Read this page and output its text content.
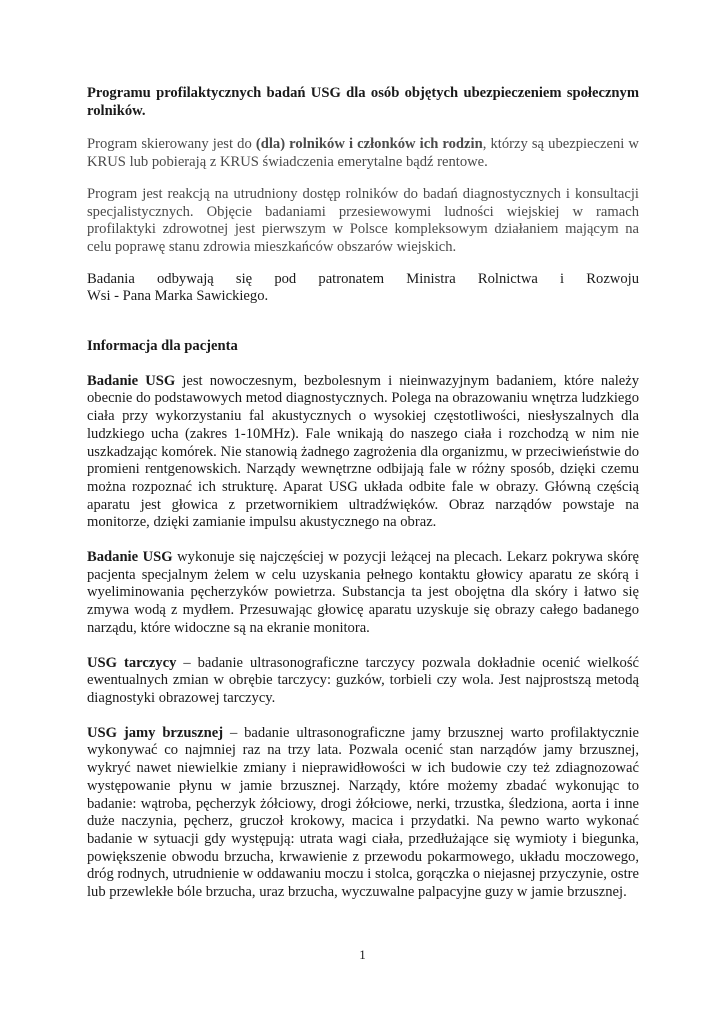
Programu profilaktycznych badań USG dla osób objętych ubezpieczeniem społecznym rolników.

Program skierowany jest do (dla) rolników i członków ich rodzin, którzy są ubezpieczeni w KRUS lub pobierają z KRUS świadczenia emerytalne bądź rentowe.

Program jest reakcją na utrudniony dostęp rolników do badań diagnostycznych i konsultacji specjalistycznych. Objęcie badaniami przesiewowymi ludności wiejskiej w ramach profilaktyki zdrowotnej jest pierwszym w Polsce kompleksowym działaniem mającym na celu poprawę stanu zdrowia mieszkańców obszarów wiejskich.

Badania odbywają się pod patronatem Ministra Rolnictwa i Rozwoju
Wsi - Pana Marka Sawickiego.

Informacja dla pacjenta

Badanie USG jest nowoczesnym, bezbolesnym i nieinwazyjnym badaniem, które należy obecnie do podstawowych metod diagnostycznych. Polega na obrazowaniu wnętrza ludzkiego ciała przy wykorzystaniu fal akustycznych o wysokiej częstotliwości, niesłyszalnych dla ludzkiego ucha (zakres 1-10MHz). Fale wnikają do naszego ciała i rozchodzą w nim nie uszkadzając komórek. Nie stanowią żadnego zagrożenia dla organizmu, w przeciwieństwie do promieni rentgenowskich. Narządy wewnętrzne odbijają fale w różny sposób, dzięki czemu można rozpoznać ich strukturę. Aparat USG układa odbite fale w obrazy. Główną częścią aparatu jest głowica z przetwornikiem ultradźwięków. Obraz narządów powstaje na monitorze, dzięki zamianie impulsu akustycznego na obraz.

Badanie USG wykonuje się najczęściej w pozycji leżącej na plecach. Lekarz pokrywa skórę pacjenta specjalnym żelem w celu uzyskania pełnego kontaktu głowicy aparatu ze skórą i wyeliminowania pęcherzyków powietrza. Substancja ta jest obojętna dla skóry i łatwo się zmywa wodą z mydłem. Przesuwając głowicę aparatu uzyskuje się obrazy całego badanego narządu, które widoczne są na ekranie monitora.

USG tarczycy – badanie ultrasonograficzne tarczycy pozwala dokładnie ocenić wielkość ewentualnych zmian w obrębie tarczycy: guzków, torbieli czy wola. Jest najprostszą metodą diagnostyki obrazowej tarczycy.

USG jamy brzusznej – badanie ultrasonograficzne jamy brzusznej warto profilaktycznie wykonywać co najmniej raz na trzy lata. Pozwala ocenić stan narządów jamy brzusznej, wykryć nawet niewielkie zmiany i nieprawidłowości w ich budowie czy też zdiagnozować występowanie płynu w jamie brzusznej. Narządy, które możemy zbadać wykonując to badanie: wątroba, pęcherzyk żółciowy, drogi żółciowe, nerki, trzustka, śledziona, aorta i inne duże naczynia, pęcherz, gruczoł krokowy, macica i przydatki. Na pewno warto wykonać badanie w sytuacji gdy występują: utrata wagi ciała, przedłużające się wymioty i biegunka, powiększenie obwodu brzucha, krwawienie z przewodu pokarmowego, układu moczowego, dróg rodnych, utrudnienie w oddawaniu moczu i stolca, gorączka o niejasnej przyczynie, ostre lub przewlekłe bóle brzucha, uraz brzucha, wyczuwalne palpacyjne guzy w jamie brzusznej.

1
